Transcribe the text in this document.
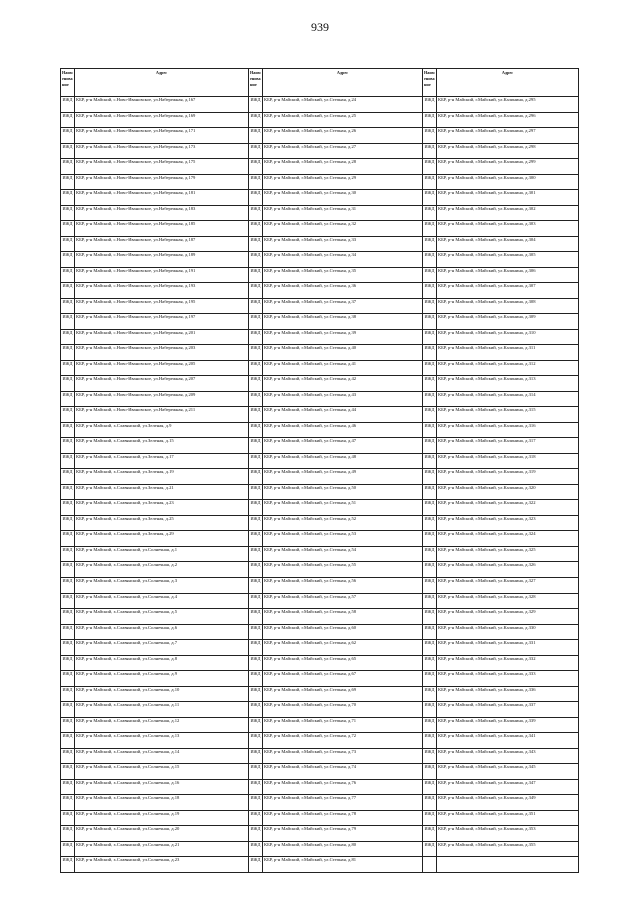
939
Наим енова ние	Адрес	Наим енова ние	Адрес	Наим енова ние	Адрес
ИЖД	КБР, р-н Майский, с.Ново-Ивановское, ул.Набережная, д.167	ИЖД	КБР, р-н Майский, г.Майский, ул.Степная, д.24	ИЖД	КБР, р-н Майский, г.Майский, ул.Калинина, д.295
ИЖД	КБР, р-н Майский, с.Ново-Ивановское, ул.Набережная, д.169	ИЖД	КБР, р-н Майский, г.Майский, ул.Степная, д.25	ИЖД	КБР, р-н Майский, г.Майский, ул.Калинина, д.296
ИЖД	КБР, р-н Майский, с.Ново-Ивановское, ул.Набережная, д.171	ИЖД	КБР, р-н Майский, г.Майский, ул.Степная, д.26	ИЖД	КБР, р-н Майский, г.Майский, ул.Калинина, д.297
ИЖД	КБР, р-н Майский, с.Ново-Ивановское, ул.Набережная, д.173	ИЖД	КБР, р-н Майский, г.Майский, ул.Степная, д.27	ИЖД	КБР, р-н Майский, г.Майский, ул.Калинина, д.298
ИЖД	КБР, р-н Майский, с.Ново-Ивановское, ул.Набережная, д.175	ИЖД	КБР, р-н Майский, г.Майский, ул.Степная, д.28	ИЖД	КБР, р-н Майский, г.Майский, ул.Калинина, д.299
ИЖД	КБР, р-н Майский, с.Ново-Ивановское, ул.Набережная, д.179	ИЖД	КБР, р-н Майский, г.Майский, ул.Степная, д.29	ИЖД	КБР, р-н Майский, г.Майский, ул.Калинина, д.300
ИЖД	КБР, р-н Майский, с.Ново-Ивановское, ул.Набережная, д.181	ИЖД	КБР, р-н Майский, г.Майский, ул.Степная, д.30	ИЖД	КБР, р-н Майский, г.Майский, ул.Калинина, д.301
ИЖД	КБР, р-н Майский, с.Ново-Ивановское, ул.Набережная, д.183	ИЖД	КБР, р-н Майский, г.Майский, ул.Степная, д.31	ИЖД	КБР, р-н Майский, г.Майский, ул.Калинина, д.302
ИЖД	КБР, р-н Майский, с.Ново-Ивановское, ул.Набережная, д.185	ИЖД	КБР, р-н Майский, г.Майский, ул.Степная, д.32	ИЖД	КБР, р-н Майский, г.Майский, ул.Калинина, д.303
ИЖД	КБР, р-н Майский, с.Ново-Ивановское, ул.Набережная, д.187	ИЖД	КБР, р-н Майский, г.Майский, ул.Степная, д.33	ИЖД	КБР, р-н Майский, г.Майский, ул.Калинина, д.304
ИЖД	КБР, р-н Майский, с.Ново-Ивановское, ул.Набережная, д.189	ИЖД	КБР, р-н Майский, г.Майский, ул.Степная, д.34	ИЖД	КБР, р-н Майский, г.Майский, ул.Калинина, д.305
ИЖД	КБР, р-н Майский, с.Ново-Ивановское, ул.Набережная, д.191	ИЖД	КБР, р-н Майский, г.Майский, ул.Степная, д.35	ИЖД	КБР, р-н Майский, г.Майский, ул.Калинина, д.306
ИЖД	КБР, р-н Майский, с.Ново-Ивановское, ул.Набережная, д.193	ИЖД	КБР, р-н Майский, г.Майский, ул.Степная, д.36	ИЖД	КБР, р-н Майский, г.Майский, ул.Калинина, д.307
ИЖД	КБР, р-н Майский, с.Ново-Ивановское, ул.Набережная, д.195	ИЖД	КБР, р-н Майский, г.Майский, ул.Степная, д.37	ИЖД	КБР, р-н Майский, г.Майский, ул.Калинина, д.308
ИЖД	КБР, р-н Майский, с.Ново-Ивановское, ул.Набережная, д.197	ИЖД	КБР, р-н Майский, г.Майский, ул.Степная, д.38	ИЖД	КБР, р-н Майский, г.Майский, ул.Калинина, д.309
ИЖД	КБР, р-н Майский, с.Ново-Ивановское, ул.Набережная, д.201	ИЖД	КБР, р-н Майский, г.Майский, ул.Степная, д.39	ИЖД	КБР, р-н Майский, г.Майский, ул.Калинина, д.310
ИЖД	КБР, р-н Майский, с.Ново-Ивановское, ул.Набережная, д.203	ИЖД	КБР, р-н Майский, г.Майский, ул.Степная, д.40	ИЖД	КБР, р-н Майский, г.Майский, ул.Калинина, д.311
ИЖД	КБР, р-н Майский, с.Ново-Ивановское, ул.Набережная, д.205	ИЖД	КБР, р-н Майский, г.Майский, ул.Степная, д.41	ИЖД	КБР, р-н Майский, г.Майский, ул.Калинина, д.312
ИЖД	КБР, р-н Майский, с.Ново-Ивановское, ул.Набережная, д.207	ИЖД	КБР, р-н Майский, г.Майский, ул.Степная, д.42	ИЖД	КБР, р-н Майский, г.Майский, ул.Калинина, д.313
ИЖД	КБР, р-н Майский, с.Ново-Ивановское, ул.Набережная, д.209	ИЖД	КБР, р-н Майский, г.Майский, ул.Степная, д.43	ИЖД	КБР, р-н Майский, г.Майский, ул.Калинина, д.314
ИЖД	КБР, р-н Майский, с.Ново-Ивановское, ул.Набережная, д.211	ИЖД	КБР, р-н Майский, г.Майский, ул.Степная, д.44	ИЖД	КБР, р-н Майский, г.Майский, ул.Калинина, д.315
ИЖД	КБР, р-н Майский, х.Славянский, ул.Зеленая, д.9	ИЖД	КБР, р-н Майский, г.Майский, ул.Степная, д.46	ИЖД	КБР, р-н Майский, г.Майский, ул.Калинина, д.316
ИЖД	КБР, р-н Майский, х.Славянский, ул.Зеленая, д.15	ИЖД	КБР, р-н Майский, г.Майский, ул.Степная, д.47	ИЖД	КБР, р-н Майский, г.Майский, ул.Калинина, д.317
ИЖД	КБР, р-н Майский, х.Славянский, ул.Зеленая, д.17	ИЖД	КБР, р-н Майский, г.Майский, ул.Степная, д.48	ИЖД	КБР, р-н Майский, г.Майский, ул.Калинина, д.318
ИЖД	КБР, р-н Майский, х.Славянский, ул.Зеленая, д.19	ИЖД	КБР, р-н Майский, г.Майский, ул.Степная, д.49	ИЖД	КБР, р-н Майский, г.Майский, ул.Калинина, д.319
ИЖД	КБР, р-н Майский, х.Славянский, ул.Зеленая, д.21	ИЖД	КБР, р-н Майский, г.Майский, ул.Степная, д.50	ИЖД	КБР, р-н Майский, г.Майский, ул.Калинина, д.320
ИЖД	КБР, р-н Майский, х.Славянский, ул.Зеленая, д.23	ИЖД	КБР, р-н Майский, г.Майский, ул.Степная, д.51	ИЖД	КБР, р-н Майский, г.Майский, ул.Калинина, д.322
ИЖД	КБР, р-н Майский, х.Славянский, ул.Зеленая, д.25	ИЖД	КБР, р-н Майский, г.Майский, ул.Степная, д.52	ИЖД	КБР, р-н Майский, г.Майский, ул.Калинина, д.323
ИЖД	КБР, р-н Майский, х.Славянский, ул.Зеленая, д.29	ИЖД	КБР, р-н Майский, г.Майский, ул.Степная, д.53	ИЖД	КБР, р-н Майский, г.Майский, ул.Калинина, д.324
ИЖД	КБР, р-н Майский, х.Славянский, ул.Солнечная, д.1	ИЖД	КБР, р-н Майский, г.Майский, ул.Степная, д.54	ИЖД	КБР, р-н Майский, г.Майский, ул.Калинина, д.325
ИЖД	КБР, р-н Майский, х.Славянский, ул.Солнечная, д.2	ИЖД	КБР, р-н Майский, г.Майский, ул.Степная, д.55	ИЖД	КБР, р-н Майский, г.Майский, ул.Калинина, д.326
ИЖД	КБР, р-н Майский, х.Славянский, ул.Солнечная, д.3	ИЖД	КБР, р-н Майский, г.Майский, ул.Степная, д.56	ИЖД	КБР, р-н Майский, г.Майский, ул.Калинина, д.327
ИЖД	КБР, р-н Майский, х.Славянский, ул.Солнечная, д.4	ИЖД	КБР, р-н Майский, г.Майский, ул.Степная, д.57	ИЖД	КБР, р-н Майский, г.Майский, ул.Калинина, д.328
ИЖД	КБР, р-н Майский, х.Славянский, ул.Солнечная, д.5	ИЖД	КБР, р-н Майский, г.Майский, ул.Степная, д.58	ИЖД	КБР, р-н Майский, г.Майский, ул.Калинина, д.329
ИЖД	КБР, р-н Майский, х.Славянский, ул.Солнечная, д.6	ИЖД	КБР, р-н Майский, г.Майский, ул.Степная, д.60	ИЖД	КБР, р-н Майский, г.Майский, ул.Калинина, д.330
ИЖД	КБР, р-н Майский, х.Славянский, ул.Солнечная, д.7	ИЖД	КБР, р-н Майский, г.Майский, ул.Степная, д.62	ИЖД	КБР, р-н Майский, г.Майский, ул.Калинина, д.331
ИЖД	КБР, р-н Майский, х.Славянский, ул.Солнечная, д.8	ИЖД	КБР, р-н Майский, г.Майский, ул.Степная, д.65	ИЖД	КБР, р-н Майский, г.Майский, ул.Калинина, д.332
ИЖД	КБР, р-н Майский, х.Славянский, ул.Солнечная, д.9	ИЖД	КБР, р-н Майский, г.Майский, ул.Степная, д.67	ИЖД	КБР, р-н Майский, г.Майский, ул.Калинина, д.333
ИЖД	КБР, р-н Майский, х.Славянский, ул.Солнечная, д.10	ИЖД	КБР, р-н Майский, г.Майский, ул.Степная, д.69	ИЖД	КБР, р-н Майский, г.Майский, ул.Калинина, д.336
ИЖД	КБР, р-н Майский, х.Славянский, ул.Солнечная, д.11	ИЖД	КБР, р-н Майский, г.Майский, ул.Степная, д.70	ИЖД	КБР, р-н Майский, г.Майский, ул.Калинина, д.337
ИЖД	КБР, р-н Майский, х.Славянский, ул.Солнечная, д.12	ИЖД	КБР, р-н Майский, г.Майский, ул.Степная, д.71	ИЖД	КБР, р-н Майский, г.Майский, ул.Калинина, д.339
ИЖД	КБР, р-н Майский, х.Славянский, ул.Солнечная, д.13	ИЖД	КБР, р-н Майский, г.Майский, ул.Степная, д.72	ИЖД	КБР, р-н Майский, г.Майский, ул.Калинина, д.341
ИЖД	КБР, р-н Майский, х.Славянский, ул.Солнечная, д.14	ИЖД	КБР, р-н Майский, г.Майский, ул.Степная, д.73	ИЖД	КБР, р-н Майский, г.Майский, ул.Калинина, д.343
ИЖД	КБР, р-н Майский, х.Славянский, ул.Солнечная, д.15	ИЖД	КБР, р-н Майский, г.Майский, ул.Степная, д.74	ИЖД	КБР, р-н Майский, г.Майский, ул.Калинина, д.345
ИЖД	КБР, р-н Майский, х.Славянский, ул.Солнечная, д.16	ИЖД	КБР, р-н Майский, г.Майский, ул.Степная, д.76	ИЖД	КБР, р-н Майский, г.Майский, ул.Калинина, д.347
ИЖД	КБР, р-н Майский, х.Славянский, ул.Солнечная, д.18	ИЖД	КБР, р-н Майский, г.Майский, ул.Степная, д.77	ИЖД	КБР, р-н Майский, г.Майский, ул.Калинина, д.349
ИЖД	КБР, р-н Майский, х.Славянский, ул.Солнечная, д.19	ИЖД	КБР, р-н Майский, г.Майский, ул.Степная, д.78	ИЖД	КБР, р-н Майский, г.Майский, ул.Калинина, д.351
ИЖД	КБР, р-н Майский, х.Славянский, ул.Солнечная, д.20	ИЖД	КБР, р-н Майский, г.Майский, ул.Степная, д.79	ИЖД	КБР, р-н Майский, г.Майский, ул.Калинина, д.353
ИЖД	КБР, р-н Майский, х.Славянский, ул.Солнечная, д.21	ИЖД	КБР, р-н Майский, г.Майский, ул.Степная, д.80	ИЖД	КБР, р-н Майский, г.Майский, ул.Калинина, д.355
ИЖД	КБР, р-н Майский, х.Славянский, ул.Солнечная, д.23	ИЖД	КБР, р-н Майский, г.Майский, ул.Степная, д.81		
